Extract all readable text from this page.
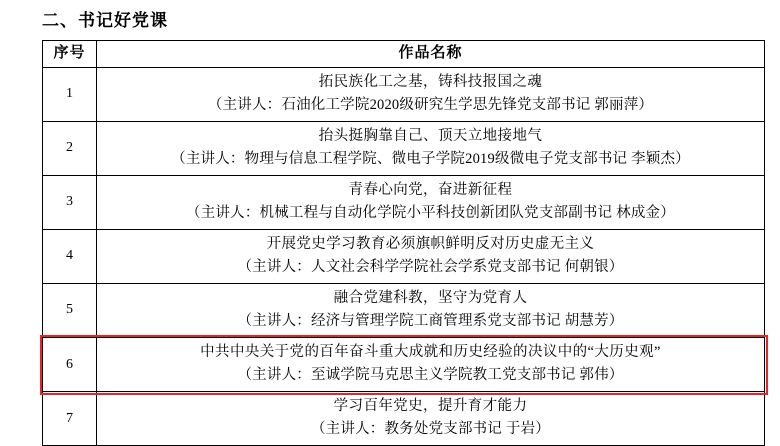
二、书记好党课
序号	作品名称
1	拓民族化工之基，铸科技报国之魂
（主讲人：石油化工学院2020级研究生学思先锋党支部书记 郭丽萍）

2	抬头挺胸靠自己、顶天立地接地气
（主讲人：物理与信息工程学院、微电子学院2019级微电子党支部书记 李颖杰）

3	青春心向党，奋进新征程
（主讲人：机械工程与自动化学院小平科技创新团队党支部副书记 林成金）

4	开展党史学习教育必须旗帜鲜明反对历史虚无主义
（主讲人：人文社会科学学院社会学系党支部书记 何朝银）

5	融合党建科教，坚守为党育人
（主讲人：经济与管理学院工商管理系党支部书记 胡慧芳）

6	中共中央关于党的百年奋斗重大成就和历史经验的决议中的“大历史观”
（主讲人：至诚学院马克思主义学院教工党支部书记 郭伟）

7	学习百年党史，提升育才能力
（主讲人：教务处党支部书记 于岩）
